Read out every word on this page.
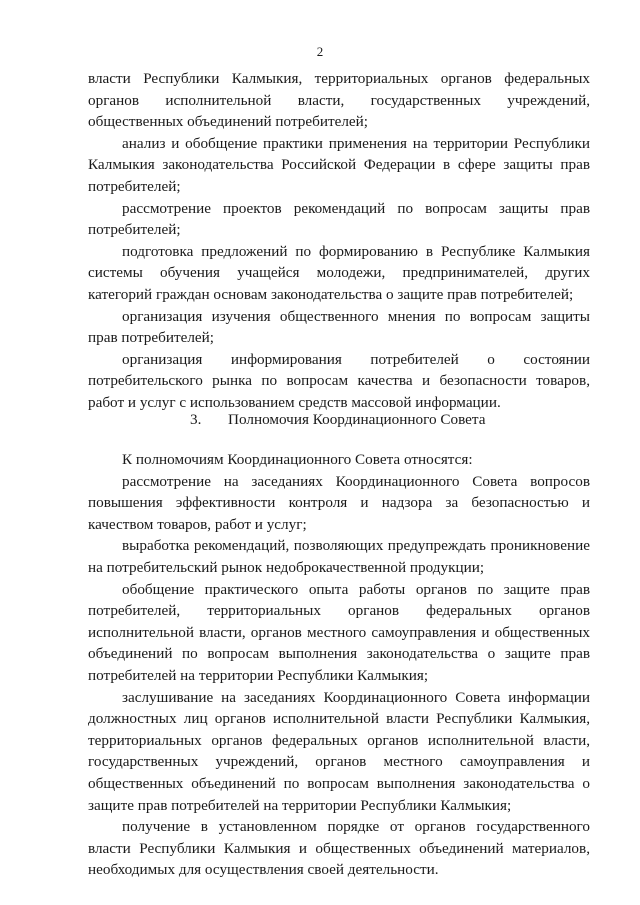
2

власти Республики Калмыкия, территориальных органов федеральных органов исполнительной власти, государственных учреждений, общественных объединений потребителей;

анализ и обобщение практики применения на территории Республики Калмыкия законодательства Российской Федерации в сфере защиты прав потребителей;

рассмотрение проектов рекомендаций по вопросам защиты прав потребителей;

подготовка предложений по формированию в Республике Калмыкия системы обучения учащейся молодежи, предпринимателей, других категорий граждан основам законодательства о защите прав потребителей;

организация изучения общественного мнения по вопросам защиты прав потребителей;

организация информирования потребителей о состоянии потребительского рынка по вопросам качества и безопасности товаров, работ и услуг с использованием средств массовой информации.

3. Полномочия Координационного Совета

К полномочиям Координационного Совета относятся:

рассмотрение на заседаниях Координационного Совета вопросов повышения эффективности контроля и надзора за безопасностью и качеством товаров, работ и услуг;

выработка рекомендаций, позволяющих предупреждать проникновение на потребительский рынок недоброкачественной продукции;

обобщение практического опыта работы органов по защите прав потребителей, территориальных органов федеральных органов исполнительной власти, органов местного самоуправления и общественных объединений по вопросам выполнения законодательства о защите прав потребителей на территории Республики Калмыкия;

заслушивание на заседаниях Координационного Совета информации должностных лиц органов исполнительной власти Республики Калмыкия, территориальных органов федеральных органов исполнительной власти, государственных учреждений, органов местного самоуправления и общественных объединений по вопросам выполнения законодательства о защите прав потребителей на территории Республики Калмыкия;

получение в установленном порядке от органов государственного власти Республики Калмыкия и общественных объединений материалов, необходимых для осуществления своей деятельности.
